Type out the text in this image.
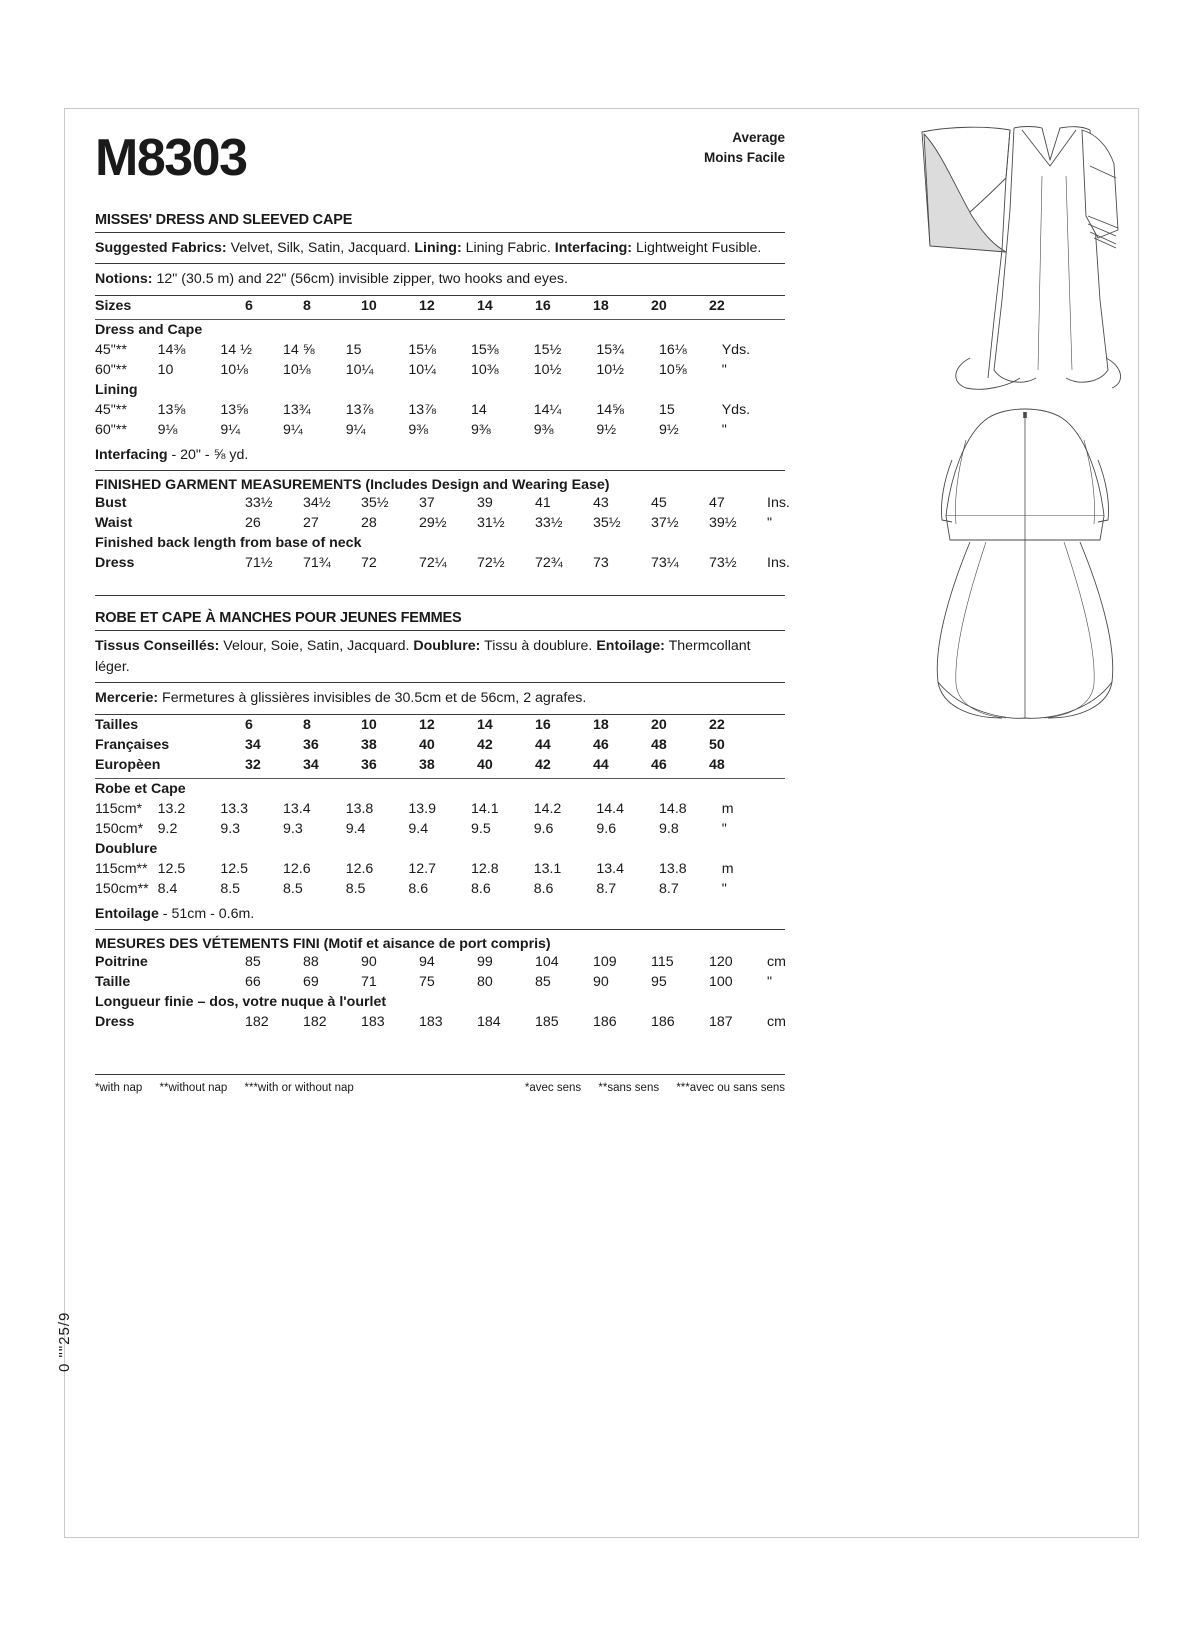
M8303	Average
Moins Facile
MISSES' DRESS AND SLEEVED CAPE
Suggested Fabrics: Velvet, Silk, Satin, Jacquard. Lining: Lining Fabric. Interfacing: Lightweight Fusible.
Notions: 12" (30.5 m) and 22" (56cm) invisible zipper, two hooks and eyes.
Sizes	6	8	10	12	14	16	18	20	22	
Dress and Cape										
45"**	14⅜	14 ½	14 ⅝	15	15⅛	15⅜	15½	15¾	16⅛	Yds.
60"**	10	10⅛	10⅛	10¼	10¼	10⅜	10½	10½	10⅝	"
Lining										
45"**	13⅝	13⅝	13¾	13⅞	13⅞	14	14¼	14⅝	15	Yds.
60"**	9⅛	9¼	9¼	9¼	9⅜	9⅜	9⅜	9½	9½	"
Interfacing - 20" - ⅝ yd.
FINISHED GARMENT MEASUREMENTS (Includes Design and Wearing Ease)
Bust	33½	34½	35½	37	39	41	43	45	47	Ins.
Waist	26	27	28	29½	31½	33½	35½	37½	39½	"
Finished back length from base of neck										
Dress	71½	71¾	72	72¼	72½	72¾	73	73¼	73½	Ins.
ROBE ET CAPE À MANCHES POUR JEUNES FEMMES
Tissus Conseillés: Velour, Soie, Satin, Jacquard. Doublure: Tissu à doublure. Entoilage: Thermcollant léger.
Mercerie: Fermetures à glissières invisibles de 30.5cm et de 56cm, 2 agrafes.
Tailles	6	8	10	12	14	16	18	20	22	
Françaises	34	36	38	40	42	44	46	48	50	
Europèen	32	34	36	38	40	42	44	46	48	
Robe et Cape										
115cm*	13.2	13.3	13.4	13.8	13.9	14.1	14.2	14.4	14.8	m
150cm*	9.2	9.3	9.3	9.4	9.4	9.5	9.6	9.6	9.8	"
Doublure										
115cm**	12.5	12.5	12.6	12.6	12.7	12.8	13.1	13.4	13.8	m
150cm**	8.4	8.5	8.5	8.5	8.6	8.6	8.6	8.7	8.7	"
Entoilage - 51cm - 0.6m.
MESURES DES VÉTEMENTS FINI (Motif et aisance de port compris)
Poitrine	85	88	90	94	99	104	109	115	120	cm
Taille	66	69	71	75	80	85	90	95	100	"
Longueur finie – dos, votre nuque à l'ourlet										
Dress	182	182	183	183	184	185	186	186	187	cm
*with nap **without nap ***with or without nap	*avec sens **sans sens ***avec ou sans sens
0 ""25/9
